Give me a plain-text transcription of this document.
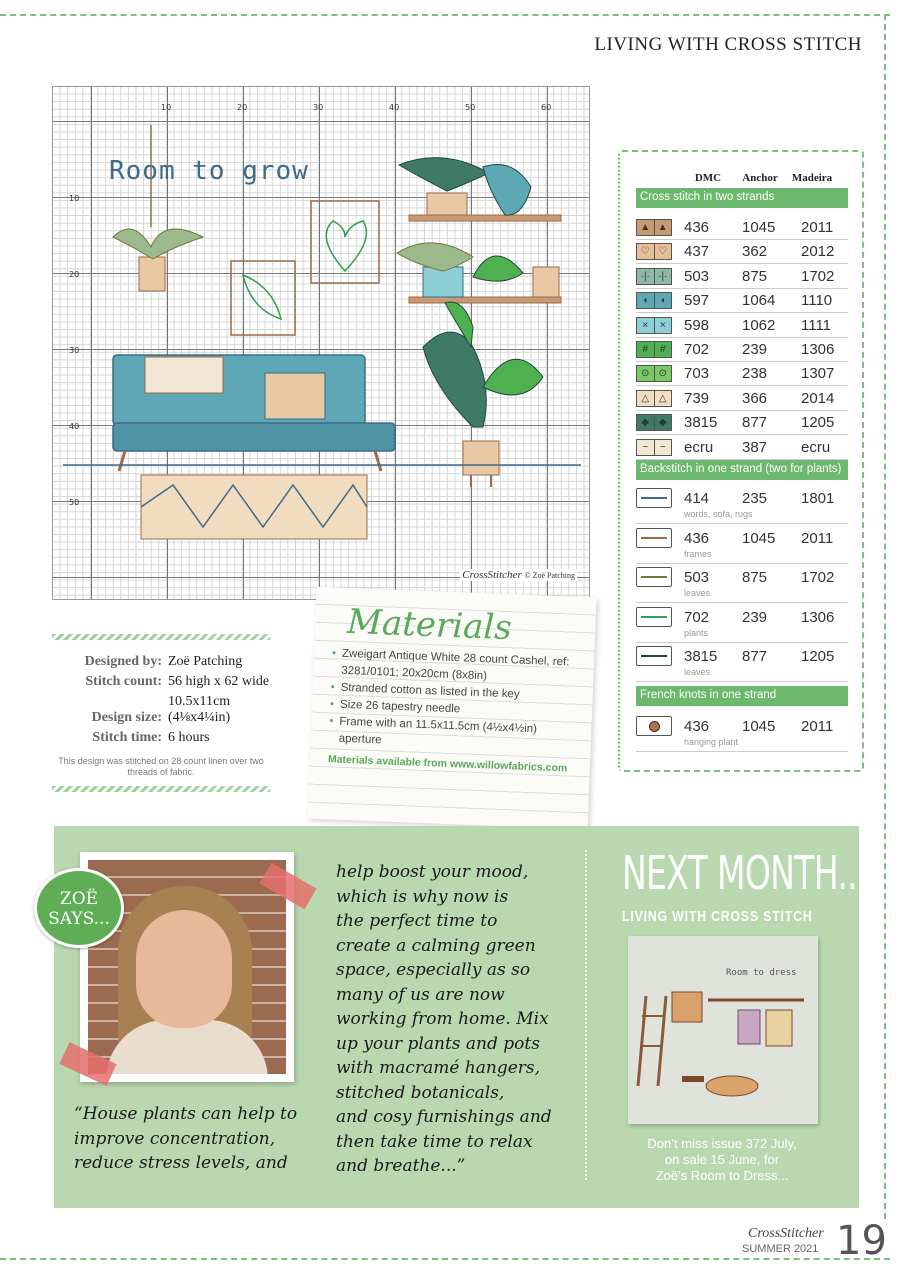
LIVING WITH CROSS STITCH
10	20	30	40	50	60
10
20
30
40
50
Room to grow
CrossStitcher © Zoë Patching
Designed by: Zoë Patching
Stitch count: 56 high x 62 wide
Design size:10.5x11cm (4⅛x4¼in)
Stitch time: 6 hours
This design was stitched on 28 count linen over two threads of fabric.
Materials
• Zweigart Antique White 28 count Cashel, ref: 3281/0101; 20x20cm (8x8in)
• Stranded cotton as listed in the key
• Size 26 tapestry needle
• Frame with an 11.5x11.5cm (4½x4½in) aperture
Materials available from www.willowfabrics.com
DMC Anchor Madeira
Cross stitch in two strands
▲ ▲ 436 1045 2011
♡ ♡ 437 362 2012
·|· ·|· 503 875 1702
◖	◖	597 1064 1110
×	×	598 1062 1111
#	#	702 239 1306
⊙ ⊙ 703 238 1307
△ △ 739 366 2014
◆ ◆ 3815 877 1205
~	~	ecru 387 ecru
Backstitch in one strand (two for plants)
414 235 1801
words, sofa, rugs
436 1045 2011
frames
503 875 1702
leaves
702 239 1306
plants
3815 877 1205
leaves
French knots in one strand
436 1045 2011
hanging plant
ZOË
SAYS...
“House plants can help to
improve concentration,
reduce stress levels, and
help boost your mood,
which is why now is
the perfect time to
create a calming green
space, especially as so
many of us are now
working from home. Mix
up your plants and pots
with macramé hangers,
stitched botanicals,
and cosy furnishings and
then take time to relax
and breathe...”
NEXT MONTH...
LIVING WITH CROSS STITCH
Room to dress
Don’t miss issue 372 July,
on sale 15 June, for
Zoë’s Room to Dress...
CrossStitcher
SUMMER 2021 19
